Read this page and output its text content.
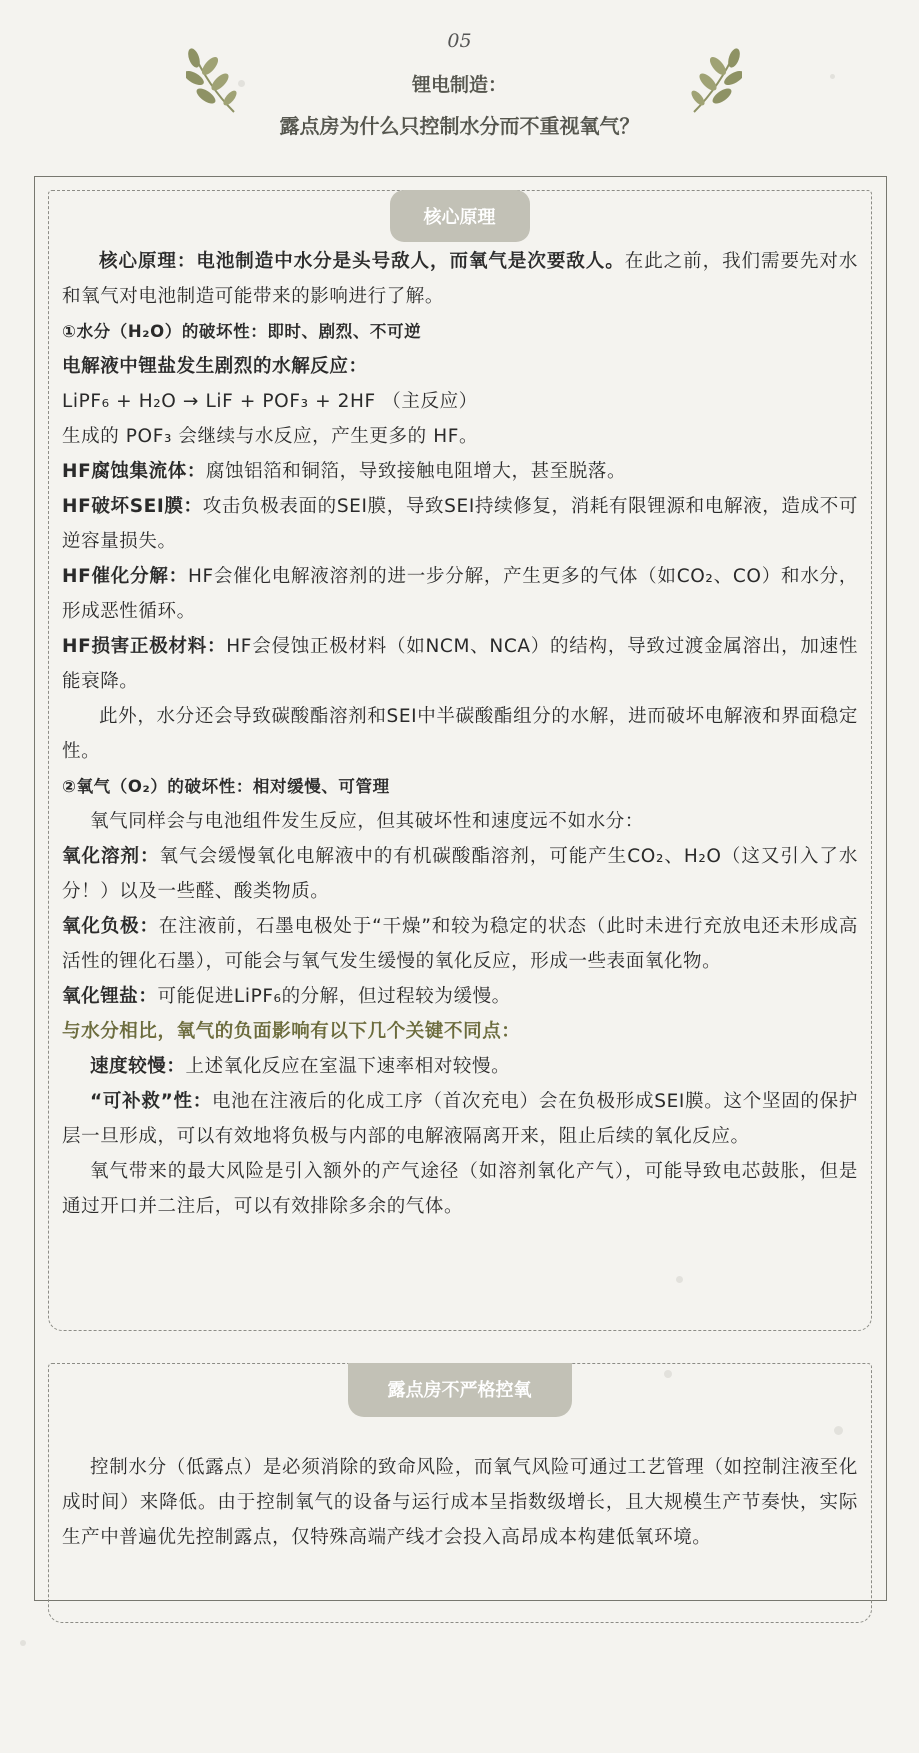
05
锂电制造：
露点房为什么只控制水分而不重视氧气？
核心原理
露点房不严格控氧

核心原理：电池制造中水分是头号敌人，而氧气是次要敌人。在此之前，我们需要先对水和氧气对电池制造可能带来的影响进行了解。

①水分（H₂O）的破坏性：即时、剧烈、不可逆

电解液中锂盐发生剧烈的水解反应：

LiPF₆ + H₂O → LiF + POF₃ + 2HF （主反应）

生成的 POF₃ 会继续与水反应，产生更多的 HF。

HF腐蚀集流体：腐蚀铝箔和铜箔，导致接触电阻增大，甚至脱落。

HF破坏SEI膜：攻击负极表面的SEI膜，导致SEI持续修复，消耗有限锂源和电解液，造成不可逆容量损失。

HF催化分解：HF会催化电解液溶剂的进一步分解，产生更多的气体（如CO₂、CO）和水分，形成恶性循环。

HF损害正极材料：HF会侵蚀正极材料（如NCM、NCA）的结构，导致过渡金属溶出，加速性能衰降。

此外，水分还会导致碳酸酯溶剂和SEI中半碳酸酯组分的水解，进而破坏电解液和界面稳定性。

②氧气（O₂）的破坏性：相对缓慢、可管理

氧气同样会与电池组件发生反应，但其破坏性和速度远不如水分：

氧化溶剂：氧气会缓慢氧化电解液中的有机碳酸酯溶剂，可能产生CO₂、H₂O（这又引入了水分！）以及一些醛、酸类物质。

氧化负极：在注液前，石墨电极处于“干燥”和较为稳定的状态（此时未进行充放电还未形成高活性的锂化石墨），可能会与氧气发生缓慢的氧化反应，形成一些表面氧化物。

氧化锂盐：可能促进LiPF₆的分解，但过程较为缓慢。

与水分相比，氧气的负面影响有以下几个关键不同点：

速度较慢：上述氧化反应在室温下速率相对较慢。

“可补救”性：电池在注液后的化成工序（首次充电）会在负极形成SEI膜。这个坚固的保护层一旦形成，可以有效地将负极与内部的电解液隔离开来，阻止后续的氧化反应。

氧气带来的最大风险是引入额外的产气途径（如溶剂氧化产气），可能导致电芯鼓胀，但是通过开口并二注后，可以有效排除多余的气体。

控制水分（低露点）是必须消除的致命风险，而氧气风险可通过工艺管理（如控制注液至化成时间）来降低。由于控制氧气的设备与运行成本呈指数级增长，且大规模生产节奏快，实际生产中普遍优先控制露点，仅特殊高端产线才会投入高昂成本构建低氧环境。
